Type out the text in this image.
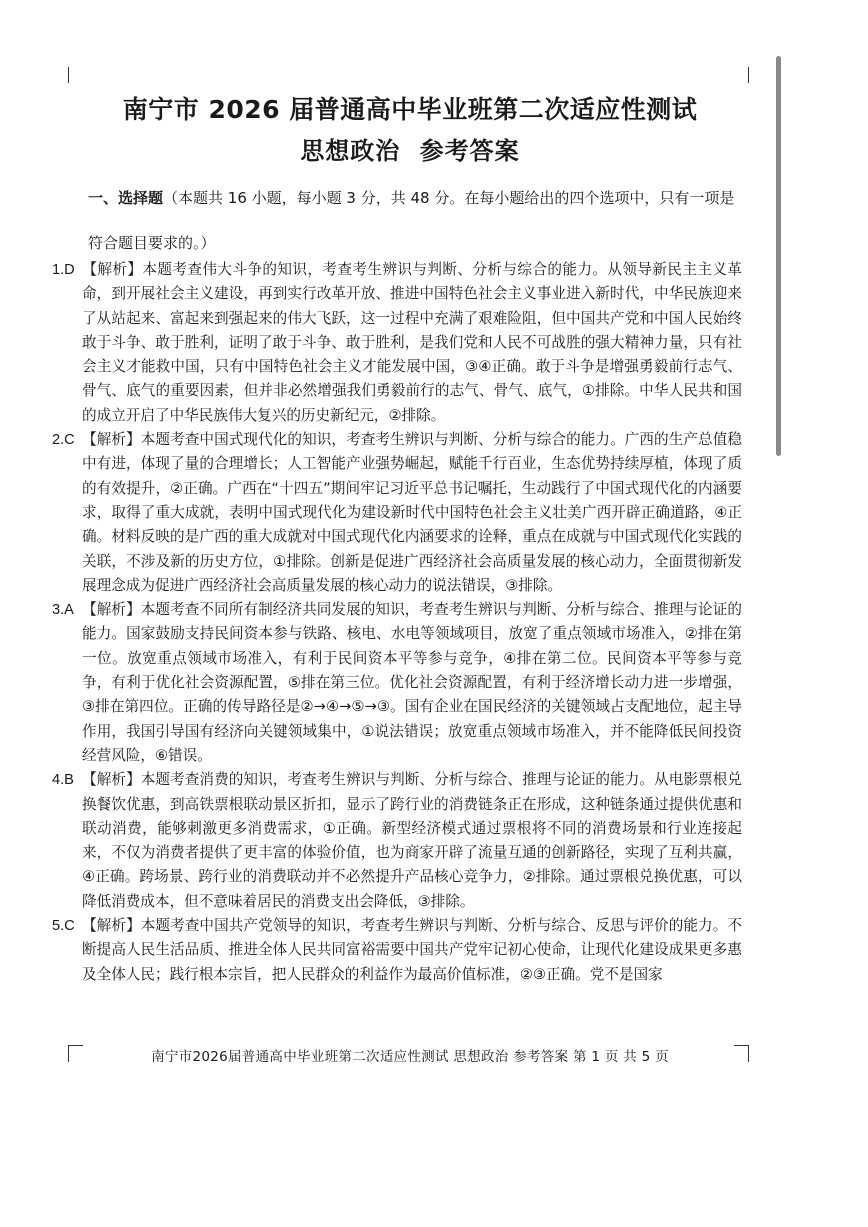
南宁市 2026 届普通高中毕业班第二次适应性测试
思想政治 参考答案
一、选择题（本题共 16 小题，每小题 3 分，共 48 分。在每小题给出的四个选项中，只有一项是符合题目要求的。）
1.D 【解析】本题考查伟大斗争的知识，考查考生辨识与判断、分析与综合的能力。从领导新民主主义革命，到开展社会主义建设，再到实行改革开放、推进中国特色社会主义事业进入新时代，中华民族迎来了从站起来、富起来到强起来的伟大飞跃，这一过程中充满了艰难险阻，但中国共产党和中国人民始终敢于斗争、敢于胜利，证明了敢于斗争、敢于胜利，是我们党和人民不可战胜的强大精神力量，只有社会主义才能救中国，只有中国特色社会主义才能发展中国，③④正确。敢于斗争是增强勇毅前行志气、骨气、底气的重要因素，但并非必然增强我们勇毅前行的志气、骨气、底气，①排除。中华人民共和国的成立开启了中华民族伟大复兴的历史新纪元，②排除。
2.C 【解析】本题考查中国式现代化的知识，考查考生辨识与判断、分析与综合的能力。广西的生产总值稳中有进，体现了量的合理增长；人工智能产业强势崛起，赋能千行百业，生态优势持续厚植，体现了质的有效提升，②正确。广西在“十四五”期间牢记习近平总书记嘱托，生动践行了中国式现代化的内涵要求，取得了重大成就，表明中国式现代化为建设新时代中国特色社会主义壮美广西开辟正确道路，④正确。材料反映的是广西的重大成就对中国式现代化内涵要求的诠释，重点在成就与中国式现代化实践的关联，不涉及新的历史方位，①排除。创新是促进广西经济社会高质量发展的核心动力，全面贯彻新发展理念成为促进广西经济社会高质量发展的核心动力的说法错误，③排除。
3.A 【解析】本题考查不同所有制经济共同发展的知识，考查考生辨识与判断、分析与综合、推理与论证的能力。国家鼓励支持民间资本参与铁路、核电、水电等领域项目，放宽了重点领域市场准入，②排在第一位。放宽重点领域市场准入，有利于民间资本平等参与竞争，④排在第二位。民间资本平等参与竞争，有利于优化社会资源配置，⑤排在第三位。优化社会资源配置，有利于经济增长动力进一步增强，③排在第四位。正确的传导路径是②→④→⑤→③。国有企业在国民经济的关键领域占支配地位，起主导作用，我国引导国有经济向关键领域集中，①说法错误；放宽重点领域市场准入，并不能降低民间投资经营风险，⑥错误。
4.B 【解析】本题考查消费的知识，考查考生辨识与判断、分析与综合、推理与论证的能力。从电影票根兑换餐饮优惠，到高铁票根联动景区折扣，显示了跨行业的消费链条正在形成，这种链条通过提供优惠和联动消费，能够刺激更多消费需求，①正确。新型经济模式通过票根将不同的消费场景和行业连接起来，不仅为消费者提供了更丰富的体验价值，也为商家开辟了流量互通的创新路径，实现了互利共赢，④正确。跨场景、跨行业的消费联动并不必然提升产品核心竞争力，②排除。通过票根兑换优惠，可以降低消费成本，但不意味着居民的消费支出会降低，③排除。
5.C 【解析】本题考查中国共产党领导的知识，考查考生辨识与判断、分析与综合、反思与评价的能力。不断提高人民生活品质、推进全体人民共同富裕需要中国共产党牢记初心使命，让现代化建设成果更多惠及全体人民；践行根本宗旨，把人民群众的利益作为最高价值标准，②③正确。党不是国家
南宁市2026届普通高中毕业班第二次适应性测试 思想政治 参考答案 第 1 页 共 5 页
